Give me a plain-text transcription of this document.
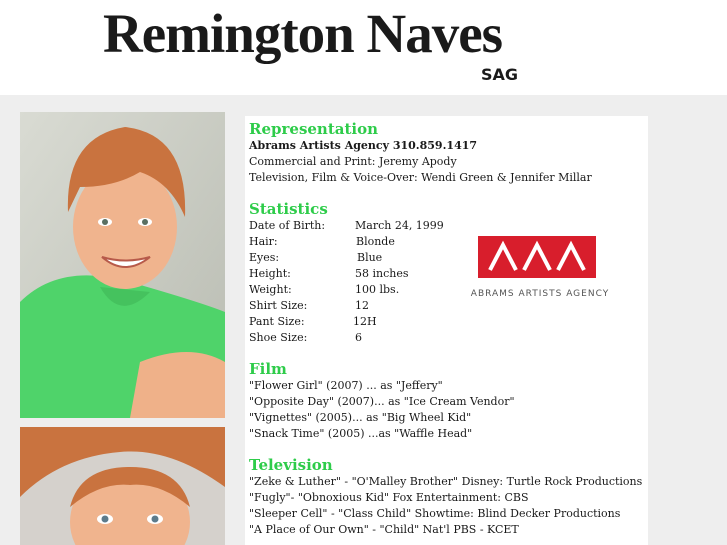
Remington Naves
SAG
Representation
Abrams Artists Agency 310.859.1417
Commercial and Print: Jeremy Apody
Television, Film & Voice-Over: Wendi Green & Jennifer Millar
Statistics
Date of Birth:	March 24, 1999
Hair:	Blonde
Eyes:	Blue
Height:	58 inches
Weight:	100 lbs.
Shirt Size:	12
Pant Size:	12H
Shoe Size:	6
Film
"Flower Girl" (2007) ... as "Jeffery"
"Opposite Day" (2007)... as "Ice Cream Vendor"
"Vignettes" (2005)... as "Big Wheel Kid"
"Snack Time" (2005) ...as "Waffle Head"
Television
"Zeke & Luther" - "O'Malley Brother" Disney: Turtle Rock Productions
"Fugly"- "Obnoxious Kid" Fox Entertainment: CBS
"Sleeper Cell" - "Class Child" Showtime: Blind Decker Productions
"A Place of Our Own" - "Child" Nat'l PBS - KCET
ABRAMS ARTISTS AGENCY
